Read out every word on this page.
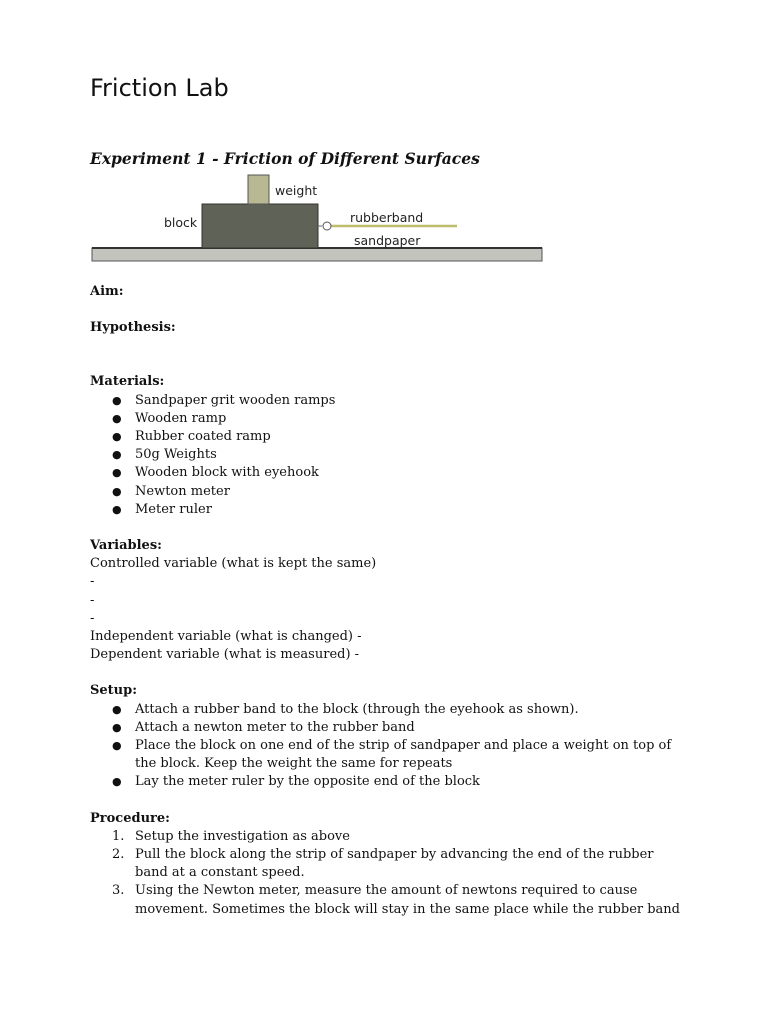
Friction Lab
Experiment 1 - Friction of Different Surfaces
weight
block	rubberband
sandpaper

Aim:

Hypothesis:

Materials:

● Sandpaper grit wooden ramps
● Wooden ramp
● Rubber coated ramp
● 50g Weights
● Wooden block with eyehook
● Newton meter
● Meter ruler

Variables:

Controlled variable (what is kept the same)

-

-

-

Independent variable (what is changed) -

Dependent variable (what is measured) -

Setup:

● Attach a rubber band to the block (through the eyehook as shown).
● Attach a newton meter to the rubber band
● Place the block on one end of the strip of sandpaper and place a weight on top of the block. Keep the weight the same for repeats
● Lay the meter ruler by the opposite end of the block

Procedure:

1. Setup the investigation as above
2. Pull the block along the strip of sandpaper by advancing the end of the rubber band at a constant speed.
3. Using the Newton meter, measure the amount of newtons required to cause movement. Sometimes the block will stay in the same place while the rubber band
